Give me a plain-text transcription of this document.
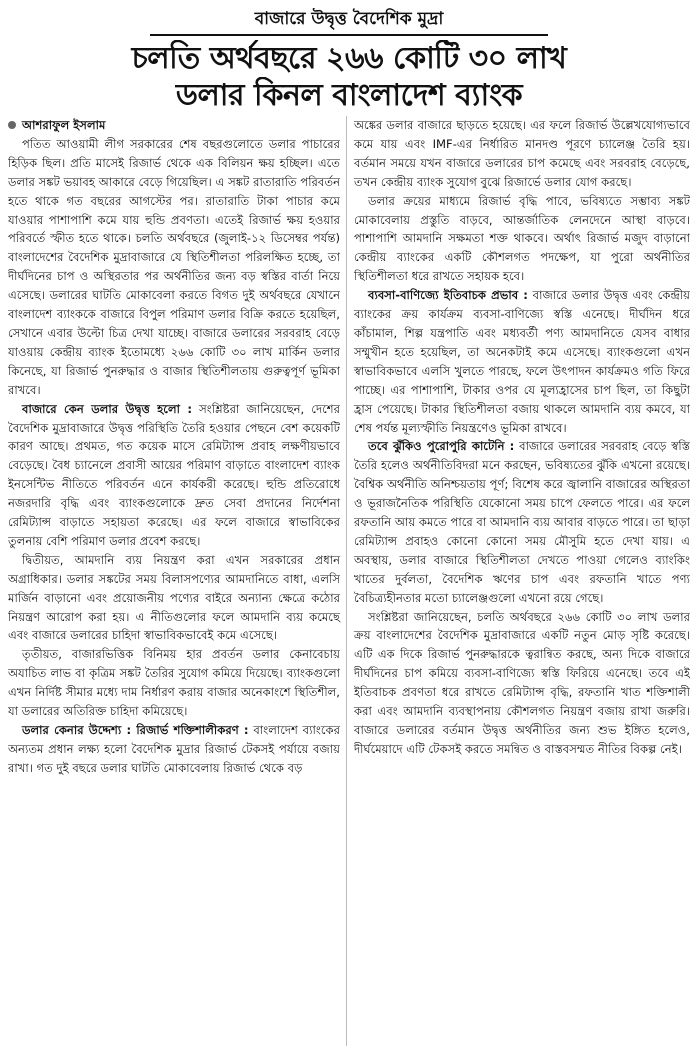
বাজারে উদ্বৃত্ত বৈদেশিক মুদ্রা
চলতি অর্থবছরে ২৬৬ কোটি ৩০ লাখ
ডলার কিনল বাংলাদেশ ব্যাংক
আশরাফুল ইসলাম

পতিত আওয়ামী লীগ সরকারের শেষ বছরগুলোতে ডলার পাচারের হিড়িক ছিল। প্রতি মাসেই রিজার্ভ থেকে এক বিলিয়ন ক্ষয় হচ্ছিল। এতে ডলার সঙ্কট ভয়াবহ আকারে বেড়ে গিয়েছিল। এ সঙ্কট রাতারাতি পরিবর্তন হতে থাকে গত বছরের আগস্টের পর। রাতারাতি টাকা পাচার কমে যাওয়ার পাশাপাশি কমে যায় হুন্ডি প্রবণতা। এতেই রিজার্ভ ক্ষয় হওয়ার পরিবর্তে স্ফীত হতে থাকে। চলতি অর্থবছরে (জুলাই-১২ ডিসেম্বর পর্যন্ত) বাংলাদেশের বৈদেশিক মুদ্রাবাজারে যে স্থিতিশীলতা পরিলক্ষিত হচ্ছে, তা দীর্ঘদিনের চাপ ও অস্থিরতার পর অর্থনীতির জন্য বড় স্বস্তির বার্তা নিয়ে এসেছে। ডলারের ঘাটতি মোকাবেলা করতে বিগত দুই অর্থবছরে যেখানে বাংলাদেশ ব্যাংককে বাজারে বিপুল পরিমাণ ডলার বিক্রি করতে হয়েছিল, সেখানে এবার উল্টো চিত্র দেখা যাচ্ছে। বাজারে ডলারের সরবরাহ বেড়ে যাওয়ায় কেন্দ্রীয় ব্যাংক ইতোমধ্যে ২৬৬ কোটি ৩০ লাখ মার্কিন ডলার কিনেছে, যা রিজার্ভ পুনরুদ্ধার ও বাজার স্থিতিশীলতায় গুরুত্বপূর্ণ ভূমিকা রাখবে।

বাজারে কেন ডলার উদ্বৃত্ত হলো : সংশ্লিষ্টরা জানিয়েছেন, দেশের বৈদেশিক মুদ্রাবাজারে উদ্বৃত্ত পরিস্থিতি তৈরি হওয়ার পেছনে বেশ কয়েকটি কারণ আছে। প্রথমত, গত কয়েক মাসে রেমিট্যান্স প্রবাহ লক্ষণীয়ভাবে বেড়েছে। বৈধ চ্যানেলে প্রবাসী আয়ের পরিমাণ বাড়াতে বাংলাদেশ ব্যাংক ইনসেন্টিভ নীতিতে পরিবর্তন এনে কার্যকরী করেছে। হুন্ডি প্রতিরোধে নজরদারি বৃদ্ধি এবং ব্যাংকগুলোকে দ্রুত সেবা প্রদানের নির্দেশনা রেমিট্যান্স বাড়াতে সহায়তা করেছে। এর ফলে বাজারে স্বাভাবিকের তুলনায় বেশি পরিমাণ ডলার প্রবেশ করছে।

দ্বিতীয়ত, আমদানি ব্যয় নিয়ন্ত্রণ করা এখন সরকারের প্রধান অগ্রাধিকার। ডলার সঙ্কটের সময় বিলাসপণ্যের আমদানিতে বাধা, এলসি মার্জিন বাড়ানো এবং প্রয়োজনীয় পণ্যের বাইরে অন্যান্য ক্ষেত্রে কঠোর নিয়ন্ত্রণ আরোপ করা হয়। এ নীতিগুলোর ফলে আমদানি ব্যয় কমেছে এবং বাজারে ডলারের চাহিদা স্বাভাবিকভাবেই কমে এসেছে।

তৃতীয়ত, বাজারভিত্তিক বিনিময় হার প্রবর্তন ডলার কেনাবেচায় অযাচিত লাভ বা কৃত্রিম সঙ্কট তৈরির সুযোগ কমিয়ে দিয়েছে। ব্যাংকগুলো এখন নির্দিষ্ট সীমার মধ্যে দাম নির্ধারণ করায় বাজার অনেকাংশে স্থিতিশীল, যা ডলারের অতিরিক্ত চাহিদা কমিয়েছে।

ডলার কেনার উদ্দেশ্য : রিজার্ভ শক্তিশালীকরণ : বাংলাদেশ ব্যাংকের অন্যতম প্রধান লক্ষ্য হলো বৈদেশিক মুদ্রার রিজার্ভ টেকসই পর্যায়ে বজায় রাখা। গত দুই বছরে ডলার ঘাটতি মোকাবেলায় রিজার্ভ থেকে বড়

অঙ্কের ডলার বাজারে ছাড়তে হয়েছে। এর ফলে রিজার্ভ উল্লেখযোগ্যভাবে কমে যায় এবং IMF-এর নির্ধারিত মানদণ্ড পূরণে চ্যালেঞ্জ তৈরি হয়। বর্তমান সময়ে যখন বাজারে ডলারের চাপ কমেছে এবং সরবরাহ বেড়েছে, তখন কেন্দ্রীয় ব্যাংক সুযোগ বুঝে রিজার্ভে ডলার যোগ করছে।

ডলার ক্রয়ের মাধ্যমে রিজার্ভ বৃদ্ধি পাবে, ভবিষ্যতে সম্ভাব্য সঙ্কট মোকাবেলায় প্রস্তুতি বাড়বে, আন্তর্জাতিক লেনদেনে আস্থা বাড়বে। পাশাপাশি আমদানি সক্ষমতা শক্ত থাকবে। অর্থাৎ রিজার্ভ মজুদ বাড়ানো কেন্দ্রীয় ব্যাংকের একটি কৌশলগত পদক্ষেপ, যা পুরো অর্থনীতির স্থিতিশীলতা ধরে রাখতে সহায়ক হবে।

ব্যবসা-বাণিজ্যে ইতিবাচক প্রভাব : বাজারে ডলার উদ্বৃত্ত এবং কেন্দ্রীয় ব্যাংকের ক্রয় কার্যক্রম ব্যবসা-বাণিজ্যে স্বস্তি এনেছে। দীর্ঘদিন ধরে কাঁচামাল, শিল্প যন্ত্রপাতি এবং মধ্যবর্তী পণ্য আমদানিতে যেসব বাধার সম্মুখীন হতে হয়েছিল, তা অনেকটাই কমে এসেছে। ব্যাংকগুলো এখন স্বাভাবিকভাবে এলসি খুলতে পারছে, ফলে উৎপাদন কার্যক্রমও গতি ফিরে পাচ্ছে। এর পাশাপাশি, টাকার ওপর যে মূল্যহ্রাসের চাপ ছিল, তা কিছুটা হ্রাস পেয়েছে। টাকার স্থিতিশীলতা বজায় থাকলে আমদানি ব্যয় কমবে, যা শেষ পর্যন্ত মূল্যস্ফীতি নিয়ন্ত্রণেও ভূমিকা রাখবে।

তবে ঝুঁকিও পুরোপুরি কাটেনি : বাজারে ডলারের সরবরাহ বেড়ে স্বস্তি তৈরি হলেও অর্থনীতিবিদরা মনে করছেন, ভবিষ্যতের ঝুঁকি এখনো রয়েছে। বৈশ্বিক অর্থনীতি অনিশ্চয়তায় পূর্ণ; বিশেষ করে জ্বালানি বাজারের অস্থিরতা ও ভূরাজনৈতিক পরিস্থিতি যেকোনো সময় চাপে ফেলতে পারে। এর ফলে রফতানি আয় কমতে পারে বা আমদানি ব্যয় আবার বাড়তে পারে। তা ছাড়া রেমিট্যান্স প্রবাহও কোনো কোনো সময় মৌসুমি হতে দেখা যায়। এ অবস্থায়, ডলার বাজারে স্থিতিশীলতা দেখতে পাওয়া গেলেও ব্যাংকিং খাতের দুর্বলতা, বৈদেশিক ঋণের চাপ এবং রফতানি খাতে পণ্য বৈচিত্র্যহীনতার মতো চ্যালেঞ্জগুলো এখনো রয়ে গেছে।

সংশ্লিষ্টরা জানিয়েছেন, চলতি অর্থবছরে ২৬৬ কোটি ৩০ লাখ ডলার ক্রয় বাংলাদেশের বৈদেশিক মুদ্রাবাজারে একটি নতুন মোড় সৃষ্টি করেছে। এটি এক দিকে রিজার্ভ পুনরুদ্ধারকে ত্বরান্বিত করছে, অন্য দিকে বাজারে দীর্ঘদিনের চাপ কমিয়ে ব্যবসা-বাণিজ্যে স্বস্তি ফিরিয়ে এনেছে। তবে এই ইতিবাচক প্রবণতা ধরে রাখতে রেমিট্যান্স বৃদ্ধি, রফতানি খাত শক্তিশালী করা এবং আমদানি ব্যবস্থাপনায় কৌশলগত নিয়ন্ত্রণ বজায় রাখা জরুরি। বাজারে ডলারের বর্তমান উদ্বৃত্ত অর্থনীতির জন্য শুভ ইঙ্গিত হলেও, দীর্ঘমেয়াদে এটি টেকসই করতে সমন্বিত ও বাস্তবসম্মত নীতির বিকল্প নেই।
